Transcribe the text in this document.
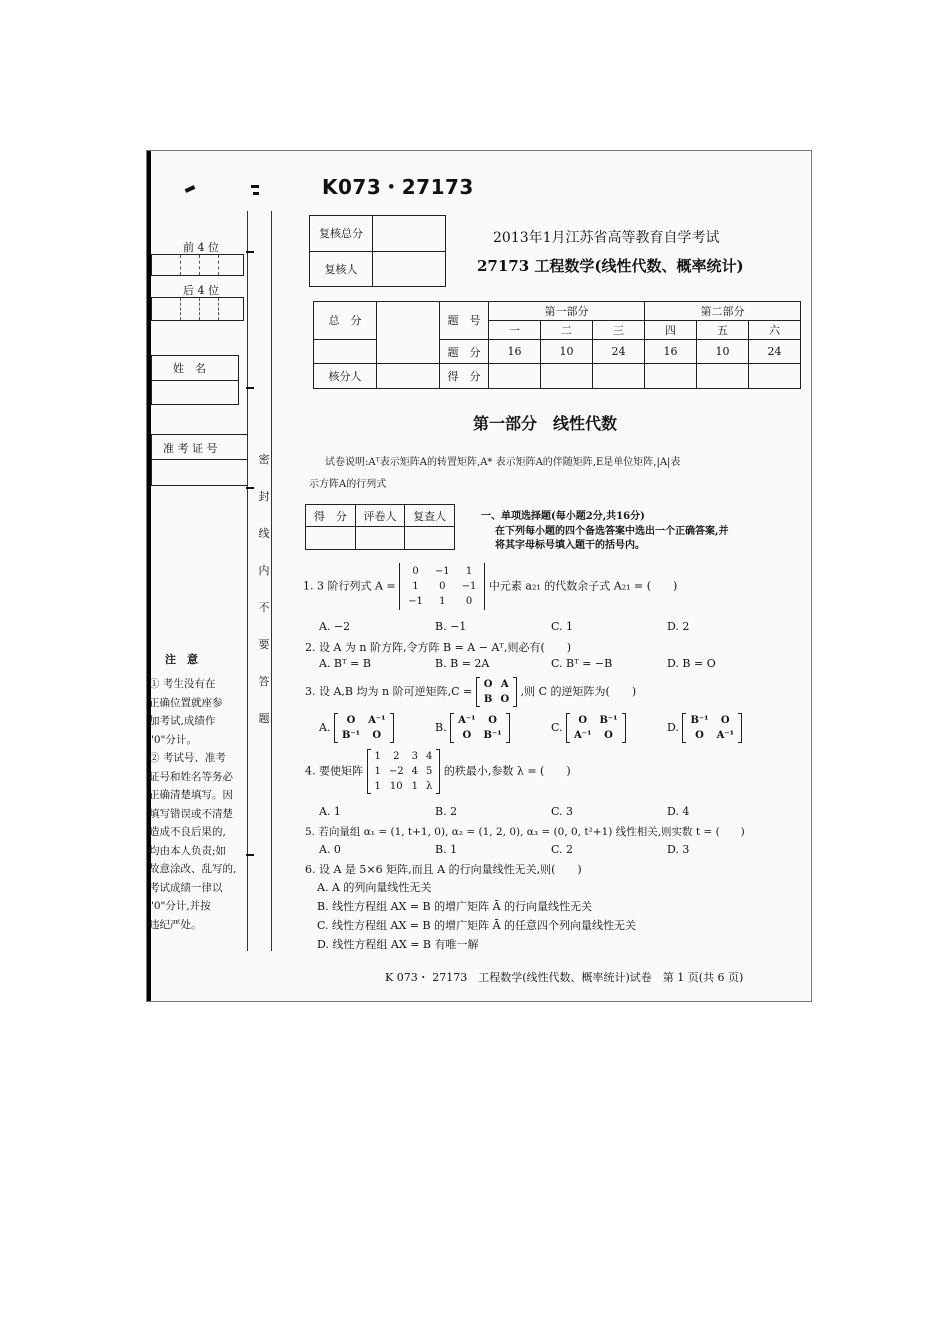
K073・27173
前 4 位
后 4 位
姓　名
准 考 证 号
密
封
线
内
不
要
答
题
注　意
① 考生没有在
正确位置就座参
加考试,成绩作
"0"分计。
② 考试号、准考
证号和姓名等务必
正确清楚填写。因
填写错误或不清楚
造成不良后果的,
均由本人负责;如
故意涂改、乱写的,
考试成绩一律以
"0"分计,并按
违纪严处。
复核总分	
复核人	
2013年1月江苏省高等教育自学考试
27173 工程数学(线性代数、概率统计)
总　分		题　号	第一部分			第二部分		
			一	二	三	四	五	六
		题　分	16	10	24	16	10	24
核分人		得　分						
第一部分　线性代数
试卷说明:Aᵀ表示矩阵A的转置矩阵,A* 表示矩阵A的伴随矩阵,E是单位矩阵,|A|表
示方阵A的行列式
得　分	评卷人	复查人
			一、单项选择题(每小题2分,共16分)
在下列每小题的四个备选答案中选出一个正确答案,并
将其字母标号填入题干的括号内。
1. 3 阶行列式 A =
0	−1	1
1	0	−1
−1	1	0
中元素 a₂₁ 的代数余子式 A₂₁ = (　　)
A. −2	B. −1	C. 1	D. 2
2. 设 A 为 n 阶方阵,令方阵 B = A − Aᵀ,则必有(　　)
A. Bᵀ = B	B. B = 2A	C. Bᵀ = −B	D. B = O
3. 设 A,B 均为 n 阶可逆矩阵,C =
O	A
B	O
,则 C 的逆矩阵为(　　)
A.
O	A⁻¹
B⁻¹	O
B.
A⁻¹	O
O	B⁻¹
C.
O	B⁻¹
A⁻¹	O
D.
B⁻¹	O
O	A⁻¹
4. 要使矩阵
1	2	3	4
1	−2	4	5
1	10	1	λ
的秩最小,参数 λ = (　　)
A. 1	B. 2	C. 3	D. 4
5. 若向量组 α₁ = (1, t+1, 0), α₂ = (1, 2, 0), α₃ = (0, 0, t²+1) 线性相关,则实数 t = (　　)
A. 0	B. 1	C. 2	D. 3
6. 设 A 是 5×6 矩阵,而且 A 的行向量线性无关,则(　　)
A. A 的列向量线性无关
B. 线性方程组 AX = B 的增广矩阵 Ā 的行向量线性无关
C. 线性方程组 AX = B 的增广矩阵 Ā 的任意四个列向量线性无关
D. 线性方程组 AX = B 有唯一解
K 073・ 27173　工程数学(线性代数、概率统计)试卷　第 1 页(共 6 页)
